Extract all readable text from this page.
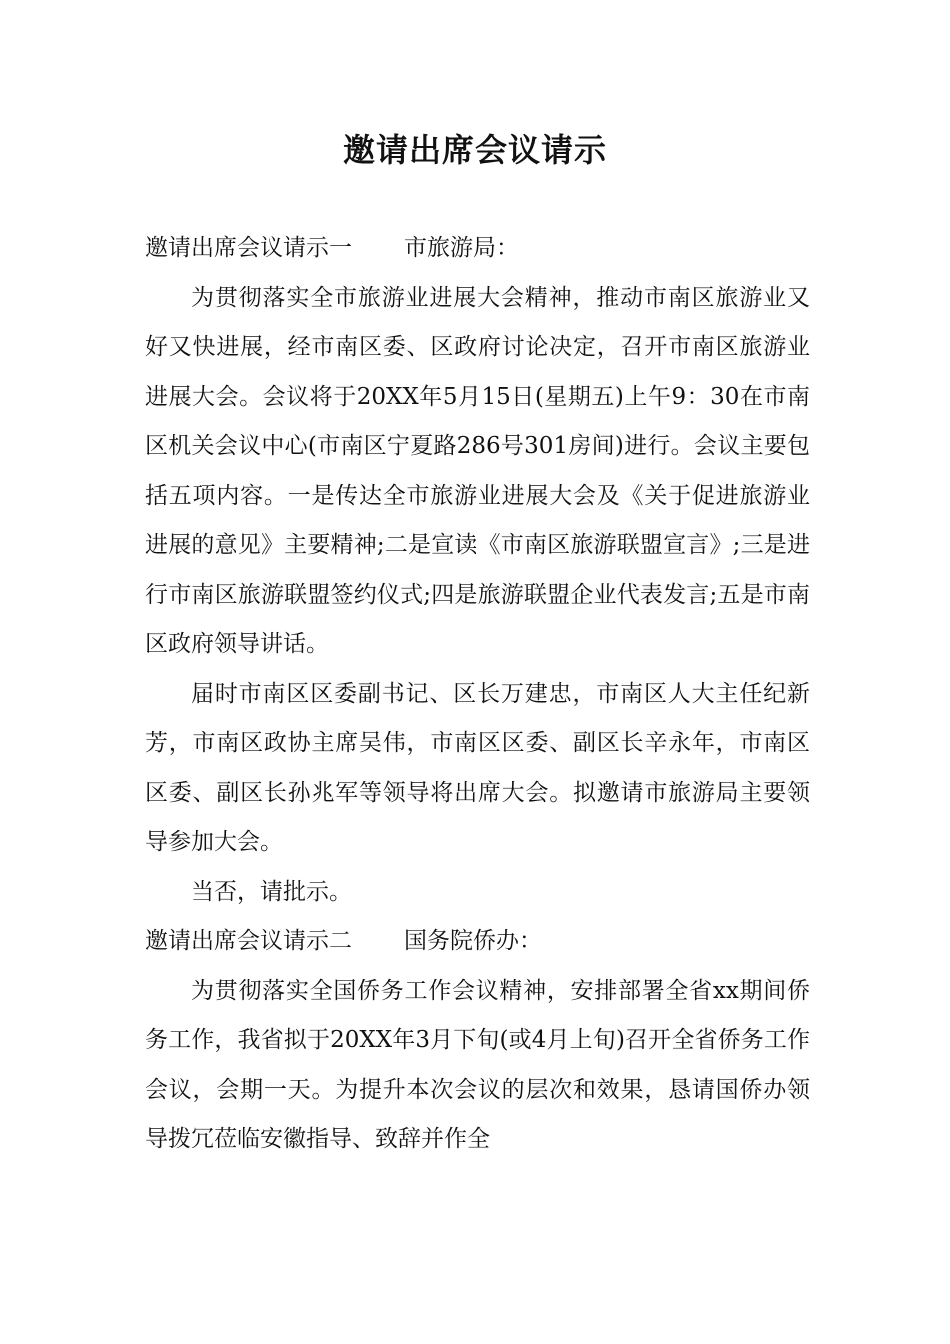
邀请出席会议请示

邀请出席会议请示一 市旅游局：

为贯彻落实全市旅游业进展大会精神，推动市南区旅游业又好又快进展，经市南区委、区政府讨论决定，召开市南区旅游业进展大会。会议将于20XX年5月15日(星期五)上午9：30在市南区机关会议中心(市南区宁夏路286号301房间)进行。会议主要包括五项内容。一是传达全市旅游业进展大会及《关于促进旅游业进展的意见》主要精神;二是宣读《市南区旅游联盟宣言》;三是进行市南区旅游联盟签约仪式;四是旅游联盟企业代表发言;五是市南区政府领导讲话。

届时市南区区委副书记、区长万建忠，市南区人大主任纪新芳，市南区政协主席吴伟，市南区区委、副区长辛永年，市南区区委、副区长孙兆军等领导将出席大会。拟邀请市旅游局主要领导参加大会。

当否，请批示。

邀请出席会议请示二 国务院侨办：

为贯彻落实全国侨务工作会议精神，安排部署全省xx期间侨务工作，我省拟于20XX年3月下旬(或4月上旬)召开全省侨务工作会议，会期一天。为提升本次会议的层次和效果，恳请国侨办领导拨冗莅临安徽指导、致辞并作全
